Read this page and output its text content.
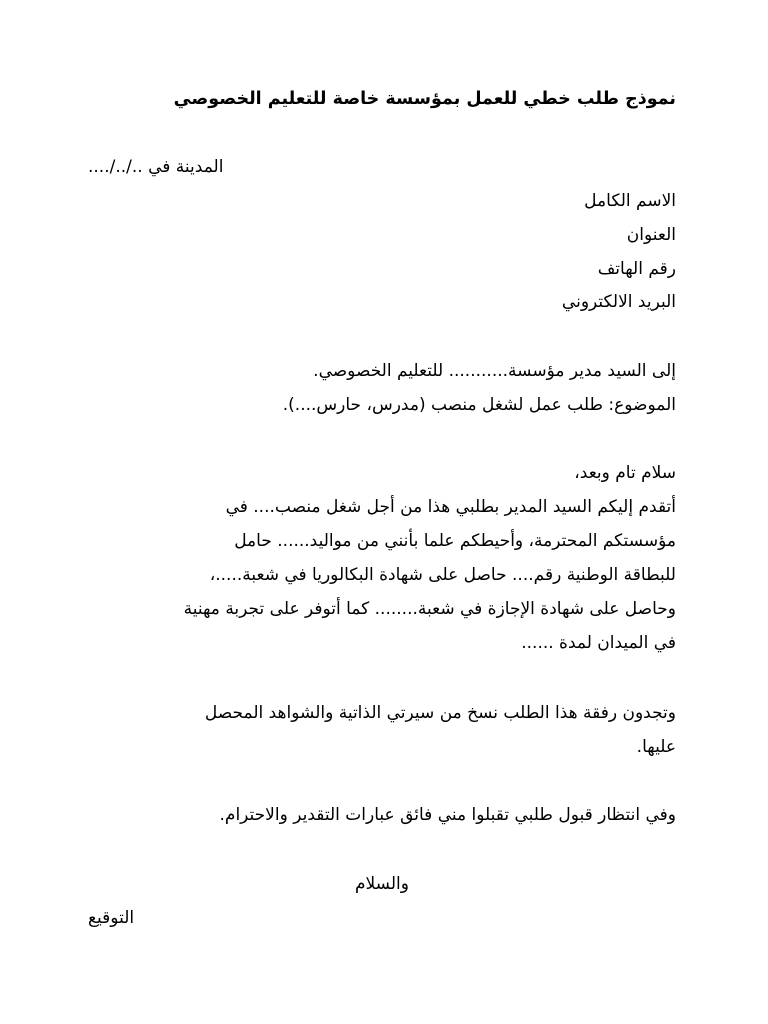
نموذج طلب خطي للعمل بمؤسسة خاصة للتعليم الخصوصي
المدينة في ../../....
الاسم الكامل
العنوان
رقم الهاتف
البريد الالكتروني
إلى السيد مدير مؤسسة........... للتعليم الخصوصي.
الموضوع: طلب عمل لشغل منصب (مدرس، حارس....).
سلام تام وبعد،
أتقدم إليكم السيد المدير بطلبي هذا من أجل شغل منصب.... في
مؤسستكم المحترمة، وأحيطكم علما بأنني من مواليد...... حامل
للبطاقة الوطنية رقم.... حاصل على شهادة البكالوريا في شعبة.....،
وحاصل على شهادة الإجازة في شعبة........ كما أتوفر على تجربة مهنية
في الميدان لمدة ......
وتجدون رفقة هذا الطلب نسخ من سيرتي الذاتية والشواهد المحصل
عليها.
وفي انتظار قبول طلبي تقبلوا مني فائق عبارات التقدير والاحترام.
والسلام
التوقيع
